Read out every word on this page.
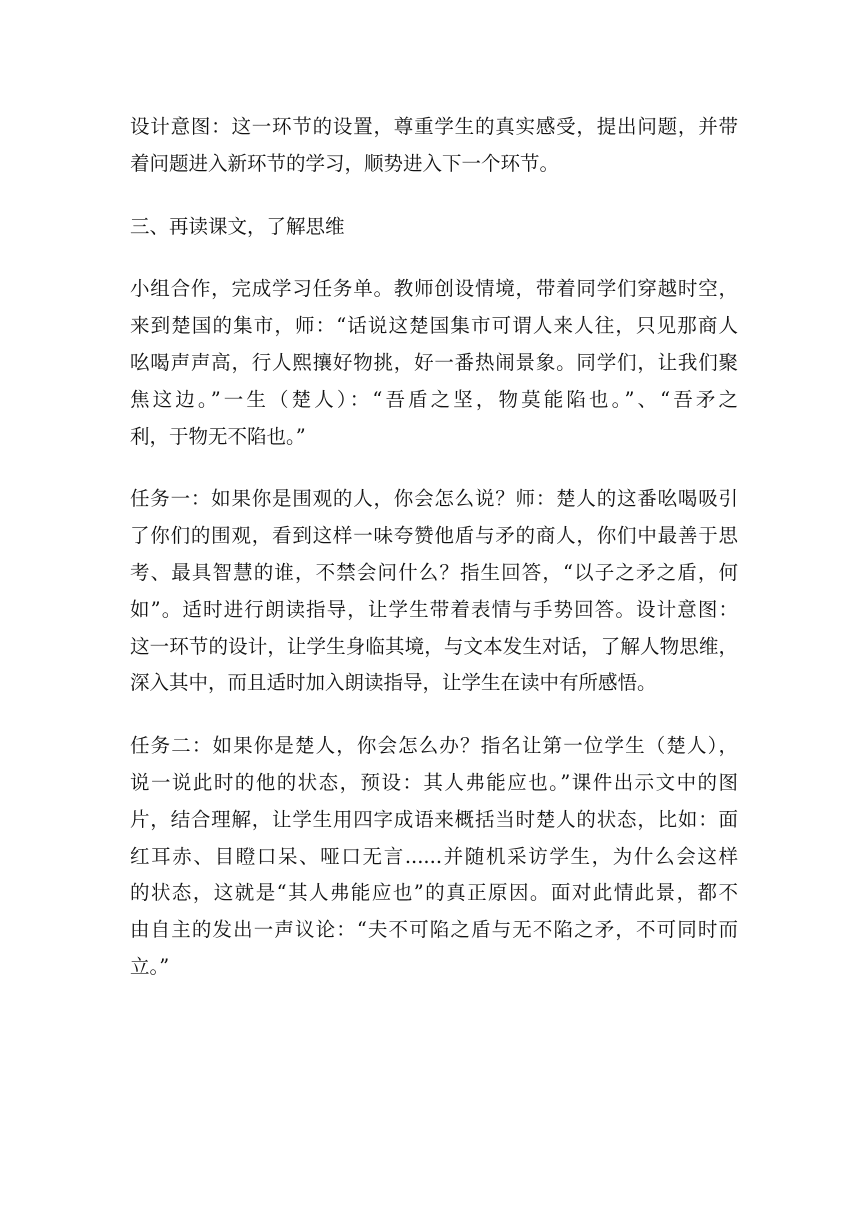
设计意图：这一环节的设置，尊重学生的真实感受，提出问题，并带
着问题进入新环节的学习，顺势进入下一个环节。

三、再读课文，了解思维

小组合作，完成学习任务单。教师创设情境，带着同学们穿越时空，
来到楚国的集市，师：“话说这楚国集市可谓人来人往，只见那商人
吆喝声声高，行人熙攘好物挑，好一番热闹景象。同学们，让我们聚
焦这边。”一生（楚人）：“吾盾之坚，物莫能陷也。”、“吾矛之
利，于物无不陷也。”

任务一：如果你是围观的人，你会怎么说？师：楚人的这番吆喝吸引
了你们的围观，看到这样一味夸赞他盾与矛的商人，你们中最善于思
考、最具智慧的谁，不禁会问什么？指生回答，“以子之矛之盾，何
如”。适时进行朗读指导，让学生带着表情与手势回答。设计意图：
这一环节的设计，让学生身临其境，与文本发生对话，了解人物思维，
深入其中，而且适时加入朗读指导，让学生在读中有所感悟。

任务二：如果你是楚人，你会怎么办？指名让第一位学生（楚人），
说一说此时的他的状态，预设：其人弗能应也。”课件出示文中的图
片，结合理解，让学生用四字成语来概括当时楚人的状态，比如：面
红耳赤、目瞪口呆、哑口无言......并随机采访学生，为什么会这样
的状态，这就是“其人弗能应也”的真正原因。面对此情此景，都不
由自主的发出一声议论：“夫不可陷之盾与无不陷之矛，不可同时而
立。”
